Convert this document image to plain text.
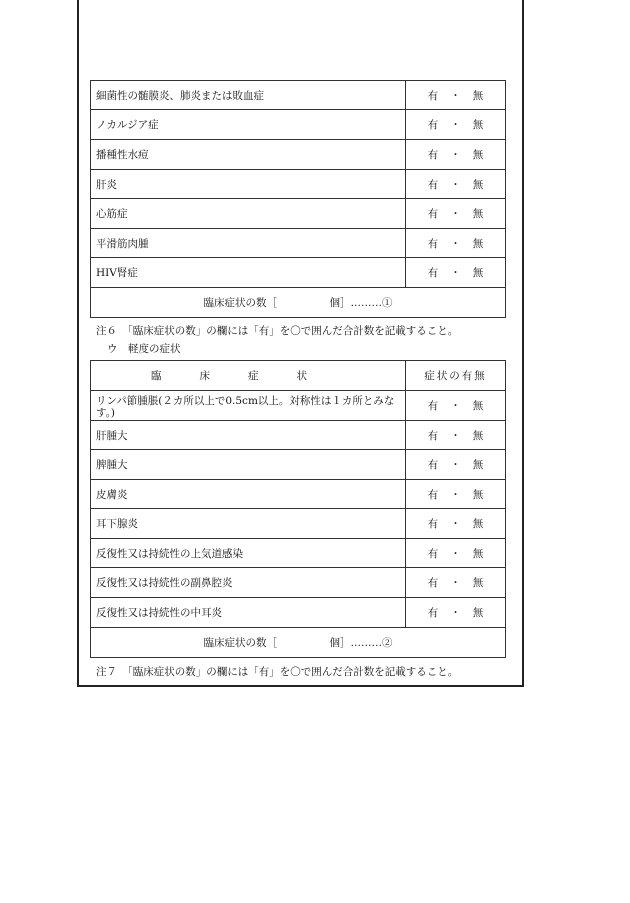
細菌性の髄膜炎、肺炎または敗血症	有 ・ 無
ノカルジア症	有 ・ 無
播種性水痘	有 ・ 無
肝炎	有 ・ 無
心筋症	有 ・ 無
平滑筋肉腫	有 ・ 無
HIV腎症	有 ・ 無
臨床症状の数［　　　　　個］………①	
注６　「臨床症状の数」の欄には「有」を〇で囲んだ合計数を記載すること。
ウ　軽度の症状
臨床症状	症状の有無
リンパ節腫脹(２カ所以上で0.5cm以上。対称性は１カ所とみなす。)	有 ・ 無
肝腫大	有 ・ 無
脾腫大	有 ・ 無
皮膚炎	有 ・ 無
耳下腺炎	有 ・ 無
反復性又は持続性の上気道感染	有 ・ 無
反復性又は持続性の副鼻腔炎	有 ・ 無
反復性又は持続性の中耳炎	有 ・ 無
臨床症状の数［　　　　　個］………②	
注７　「臨床症状の数」の欄には「有」を〇で囲んだ合計数を記載すること。
